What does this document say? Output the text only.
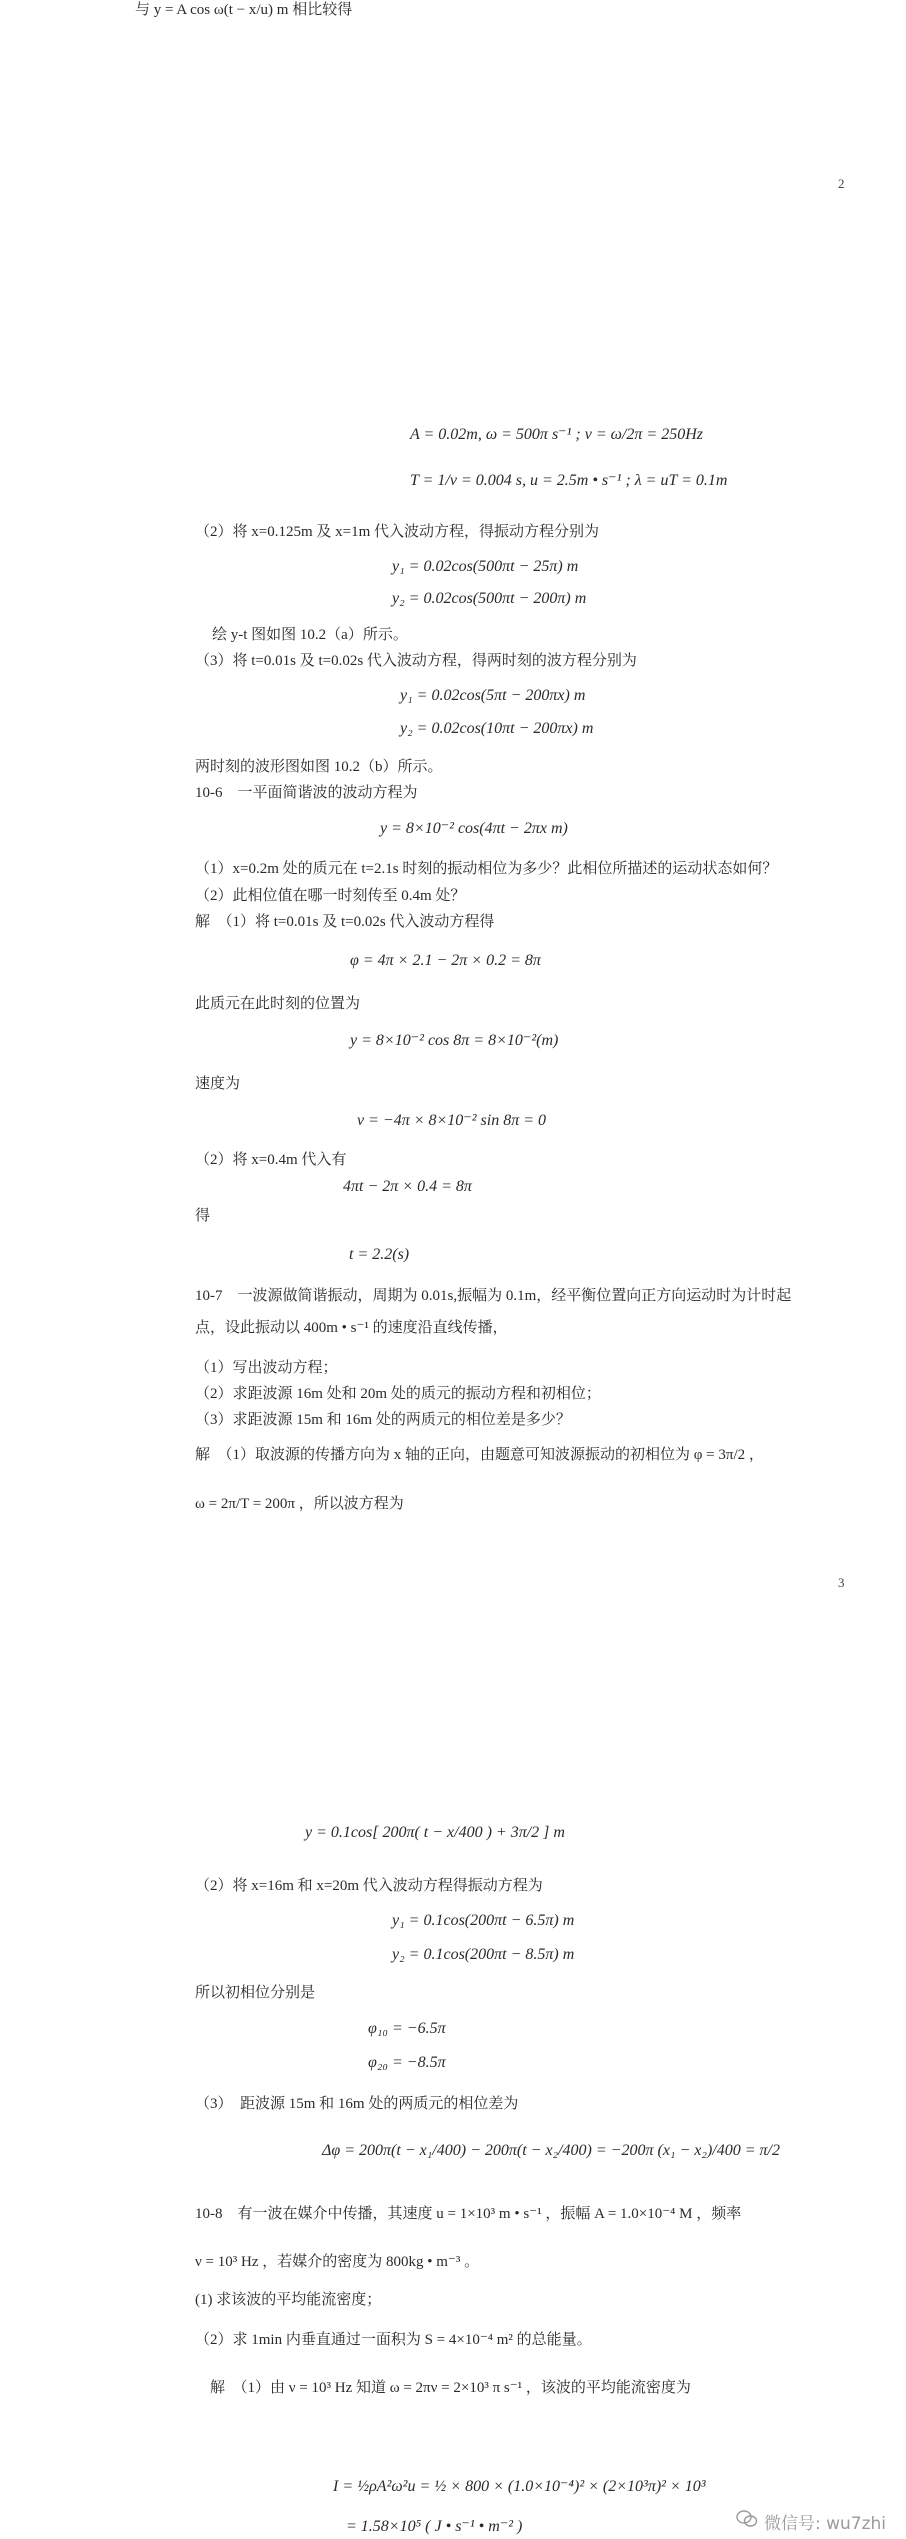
与 y = A cos ω(t − x/u) m 相比较得
2
A = 0.02m, ω = 500π s⁻¹ ; ν = ω/2π = 250Hz
T = 1/ν = 0.004 s, u = 2.5m • s⁻¹ ; λ = uT = 0.1m
（2）将 x=0.125m 及 x=1m 代入波动方程，得振动方程分别为
y₁ = 0.02cos(500πt − 25π) m
y₂ = 0.02cos(500πt − 200π) m
绘 y-t 图如图 10.2（a）所示。
（3）将 t=0.01s 及 t=0.02s 代入波动方程，得两时刻的波方程分别为
y₁ = 0.02cos(5πt − 200πx) m
y₂ = 0.02cos(10πt − 200πx) m
两时刻的波形图如图 10.2（b）所示。
10-6　一平面简谐波的波动方程为
y = 8×10⁻² cos(4πt − 2πx m)
（1）x=0.2m 处的质元在 t=2.1s 时刻的振动相位为多少？此相位所描述的运动状态如何？
（2）此相位值在哪一时刻传至 0.4m 处？
解　（1）将 t=0.01s 及 t=0.02s 代入波动方程得
φ = 4π × 2.1 − 2π × 0.2 = 8π
此质元在此时刻的位置为
y = 8×10⁻² cos 8π = 8×10⁻²(m)
速度为
v = −4π × 8×10⁻² sin 8π = 0
（2）将 x=0.4m 代入有
4πt − 2π × 0.4 = 8π
得
t = 2.2(s)
10-7　一波源做简谐振动，周期为 0.01s,振幅为 0.1m，经平衡位置向正方向运动时为计时起
点，设此振动以 400m • s⁻¹ 的速度沿直线传播，
（1）写出波动方程；
（2）求距波源 16m 处和 20m 处的质元的振动方程和初相位；
（3）求距波源 15m 和 16m 处的两质元的相位差是多少？
解　（1）取波源的传播方向为 x 轴的正向，由题意可知波源振动的初相位为 φ = 3π/2 ，
ω = 2π/T = 200π ，所以波方程为
3
y = 0.1cos[ 200π( t − x/400 ) + 3π/2 ] m
（2）将 x=16m 和 x=20m 代入波动方程得振动方程为
y₁ = 0.1cos(200πt − 6.5π) m
y₂ = 0.1cos(200πt − 8.5π) m
所以初相位分别是
φ₁₀ = −6.5π
φ₂₀ = −8.5π
（3）　距波源 15m 和 16m 处的两质元的相位差为
Δφ = 200π(t − x₁/400) − 200π(t − x₂/400) = −200π (x₁ − x₂)/400 = π/2
10-8　有一波在媒介中传播，其速度 u = 1×10³ m • s⁻¹ ，振幅 A = 1.0×10⁻⁴ M ，频率
ν = 10³ Hz ，若媒介的密度为 800kg • m⁻³ 。
(1) 求该波的平均能流密度；
（2）求 1min 内垂直通过一面积为 S = 4×10⁻⁴ m² 的总能量。
解　（1）由 ν = 10³ Hz 知道 ω = 2πν = 2×10³ π s⁻¹ ，该波的平均能流密度为
I = ½ρA²ω²u = ½ × 800 × (1.0×10⁻⁴)² × (2×10³π)² × 10³
= 1.58×10⁵ ( J • s⁻¹ • m⁻² )	微信号: wu7zhi
